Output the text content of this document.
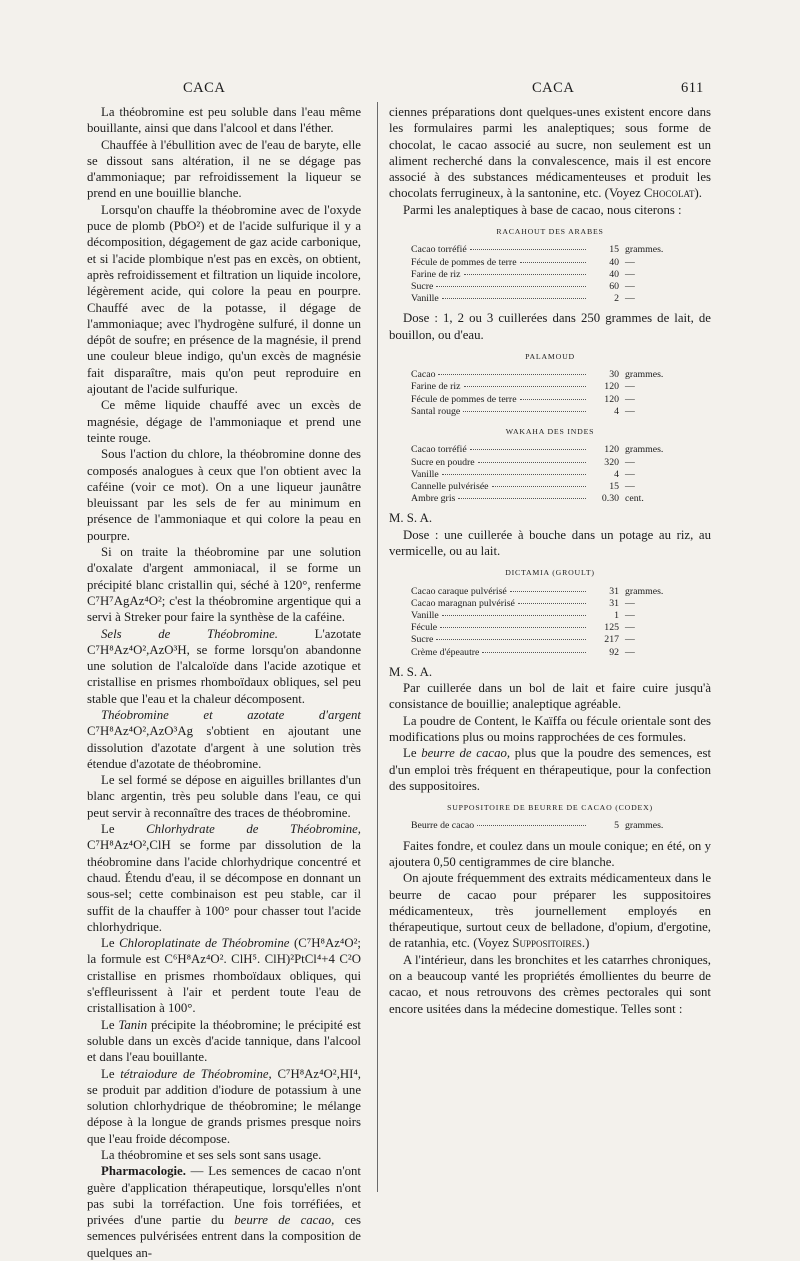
CACA	CACA	611

La théobromine est peu soluble dans l'eau même bouillante, ainsi que dans l'alcool et dans l'éther.

Chauffée à l'ébullition avec de l'eau de baryte, elle se dissout sans altération, il ne se dégage pas d'ammoniaque; par refroidissement la liqueur se prend en une bouillie blanche.

Lorsqu'on chauffe la théobromine avec de l'oxyde puce de plomb (PbO²) et de l'acide sulfurique il y a décomposition, dégagement de gaz acide carbonique, et si l'acide plombique n'est pas en excès, on obtient, après refroidissement et filtration un liquide incolore, légèrement acide, qui colore la peau en pourpre. Chauffé avec de la potasse, il dégage de l'ammoniaque; avec l'hydrogène sulfuré, il donne un dépôt de soufre; en présence de la magnésie, il prend une couleur bleue indigo, qu'un excès de magnésie fait disparaître, mais qu'on peut reproduire en ajoutant de l'acide sulfurique.

Ce même liquide chauffé avec un excès de magnésie, dégage de l'ammoniaque et prend une teinte rouge.

Sous l'action du chlore, la théobromine donne des composés analogues à ceux que l'on obtient avec la caféine (voir ce mot). On a une liqueur jaunâtre bleuissant par les sels de fer au minimum en présence de l'ammoniaque et qui colore la peau en pourpre.

Si on traite la théobromine par une solution d'oxalate d'argent ammoniacal, il se forme un précipité blanc cristallin qui, séché à 120°, renferme C⁷H⁷AgAz⁴O²; c'est la théobromine argentique qui a servi à Streker pour faire la synthèse de la caféine.

Sels de Théobromine. L'azotate C⁷H⁸Az⁴O²,AzO³H, se forme lorsqu'on abandonne une solution de l'alcaloïde dans l'acide azotique et cristallise en prismes rhomboïdaux obliques, sel peu stable que l'eau et la chaleur décomposent.

Théobromine et azotate d'argent C⁷H⁸Az⁴O²,AzO³Ag s'obtient en ajoutant une dissolution d'azotate d'argent à une solution très étendue d'azotate de théobromine.

Le sel formé se dépose en aiguilles brillantes d'un blanc argentin, très peu soluble dans l'eau, ce qui peut servir à reconnaître des traces de théobromine.

Le Chlorhydrate de Théobromine, C⁷H⁸Az⁴O²,ClH se forme par dissolution de la théobromine dans l'acide chlorhydrique concentré et chaud. Étendu d'eau, il se décompose en donnant un sous-sel; cette combinaison est peu stable, car il suffit de la chauffer à 100° pour chasser tout l'acide chlorhydrique.

Le Chloroplatinate de Théobromine (C⁷H⁸Az⁴O²; la formule est C⁶H⁸Az⁴O². ClH⁵. ClH)²PtCl⁴+4 C²O cristallise en prismes rhomboïdaux obliques, qui s'effleurissent à l'air et perdent toute l'eau de cristallisation à 100°.

Le Tanin précipite la théobromine; le précipité est soluble dans un excès d'acide tannique, dans l'alcool et dans l'eau bouillante.

Le tétraiodure de Théobromine, C⁷H⁸Az⁴O²,HI⁴, se produit par addition d'iodure de potassium à une solution chlorhydrique de théobromine; le mélange dépose à la longue de grands prismes presque noirs que l'eau froide décompose.

La théobromine et ses sels sont sans usage.

Pharmacologie. — Les semences de cacao n'ont guère d'application thérapeutique, lorsqu'elles n'ont pas subi la torréfaction. Une fois torréfiées, et privées d'une partie du beurre de cacao, ces semences pulvérisées entrent dans la composition de quelques an-

ciennes préparations dont quelques-unes existent encore dans les formulaires parmi les analeptiques; sous forme de chocolat, le cacao associé au sucre, non seulement est un aliment recherché dans la convalescence, mais il est encore associé à des substances médicamenteuses et produit les chocolats ferrugineux, à la santonine, etc. (Voyez Chocolat).

Parmi les analeptiques à base de cacao, nous citerons :

RACAHOUT DES ARABES
Cacao torréfié	15 grammes.
Fécule de pommes de terre	40 —
Farine de riz	40 —
Sucre	60 —
Vanille	2 —

Dose : 1, 2 ou 3 cuillerées dans 250 grammes de lait, de bouillon, ou d'eau.

PALAMOUD
Cacao	30 grammes.
Farine de riz	120 —
Fécule de pommes de terre	120 —
Santal rouge	4 —
WAKAHA DES INDES
Cacao torréfié	120 grammes.
Sucre en poudre	320 —
Vanille	4 —
Cannelle pulvérisée	15 —
Ambre gris	0.30 cent.

M. S. A.

Dose : une cuillerée à bouche dans un potage au riz, au vermicelle, ou au lait.

DICTAMIA (GROULT)
Cacao caraque pulvérisé	31 grammes.
Cacao maragnan pulvérisé	31 —
Vanille	1 —
Fécule	125 —
Sucre	217 —
Crème d'épeautre	92 —

M. S. A.

Par cuillerée dans un bol de lait et faire cuire jusqu'à consistance de bouillie; analeptique agréable.

La poudre de Content, le Kaïffa ou fécule orientale sont des modifications plus ou moins rapprochées de ces formules.

Le beurre de cacao, plus que la poudre des semences, est d'un emploi très fréquent en thérapeutique, pour la confection des suppositoires.

SUPPOSITOIRE DE BEURRE DE CACAO (CODEX)
Beurre de cacao	5 grammes.

Faites fondre, et coulez dans un moule conique; en été, on y ajoutera 0,50 centigrammes de cire blanche.

On ajoute fréquemment des extraits médicamenteux dans le beurre de cacao pour préparer les suppositoires médicamenteux, très journellement employés en thérapeutique, surtout ceux de belladone, d'opium, d'ergotine, de ratanhia, etc. (Voyez Suppositoires.)

A l'intérieur, dans les bronchites et les catarrhes chroniques, on a beaucoup vanté les propriétés émollientes du beurre de cacao, et nous retrouvons des crèmes pectorales qui sont encore usitées dans la médecine domestique. Telles sont :
